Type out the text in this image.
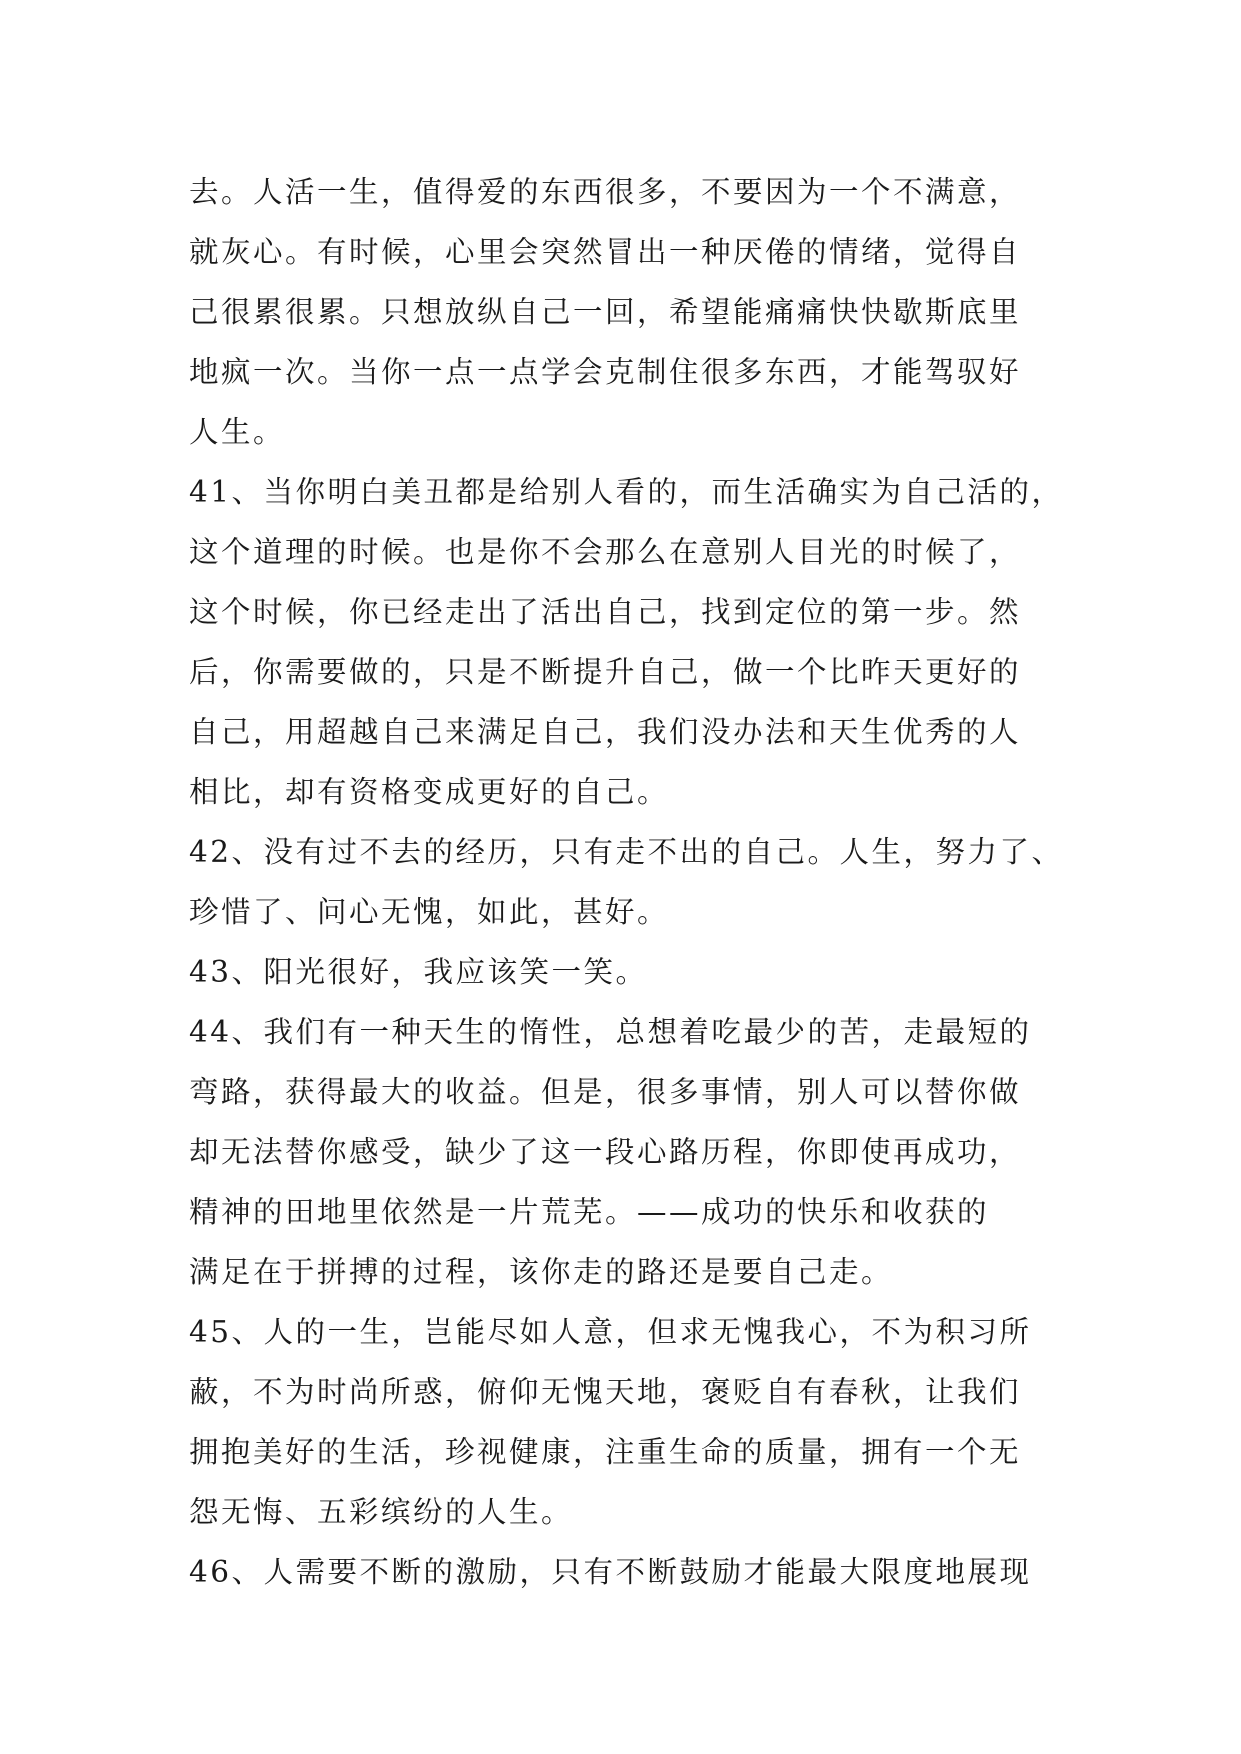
去。人活一生，值得爱的东西很多，不要因为一个不满意，
就灰心。有时候，心里会突然冒出一种厌倦的情绪，觉得自
己很累很累。只想放纵自己一回，希望能痛痛快快歇斯底里
地疯一次。当你一点一点学会克制住很多东西，才能驾驭好
人生。
41、当你明白美丑都是给别人看的，而生活确实为自己活的，
这个道理的时候。也是你不会那么在意别人目光的时候了，
这个时候，你已经走出了活出自己，找到定位的第一步。然
后，你需要做的，只是不断提升自己，做一个比昨天更好的
自己，用超越自己来满足自己，我们没办法和天生优秀的人
相比，却有资格变成更好的自己。
42、没有过不去的经历，只有走不出的自己。人生，努力了、
珍惜了、问心无愧，如此，甚好。
43、阳光很好，我应该笑一笑。
44、我们有一种天生的惰性，总想着吃最少的苦，走最短的
弯路，获得最大的收益。但是，很多事情，别人可以替你做
却无法替你感受，缺少了这一段心路历程，你即使再成功，
精神的田地里依然是一片荒芜。——成功的快乐和收获的
满足在于拼搏的过程，该你走的路还是要自己走。
45、人的一生，岂能尽如人意，但求无愧我心，不为积习所
蔽，不为时尚所惑，俯仰无愧天地，褒贬自有春秋，让我们
拥抱美好的生活，珍视健康，注重生命的质量，拥有一个无
怨无悔、五彩缤纷的人生。
46、人需要不断的激励，只有不断鼓励才能最大限度地展现
